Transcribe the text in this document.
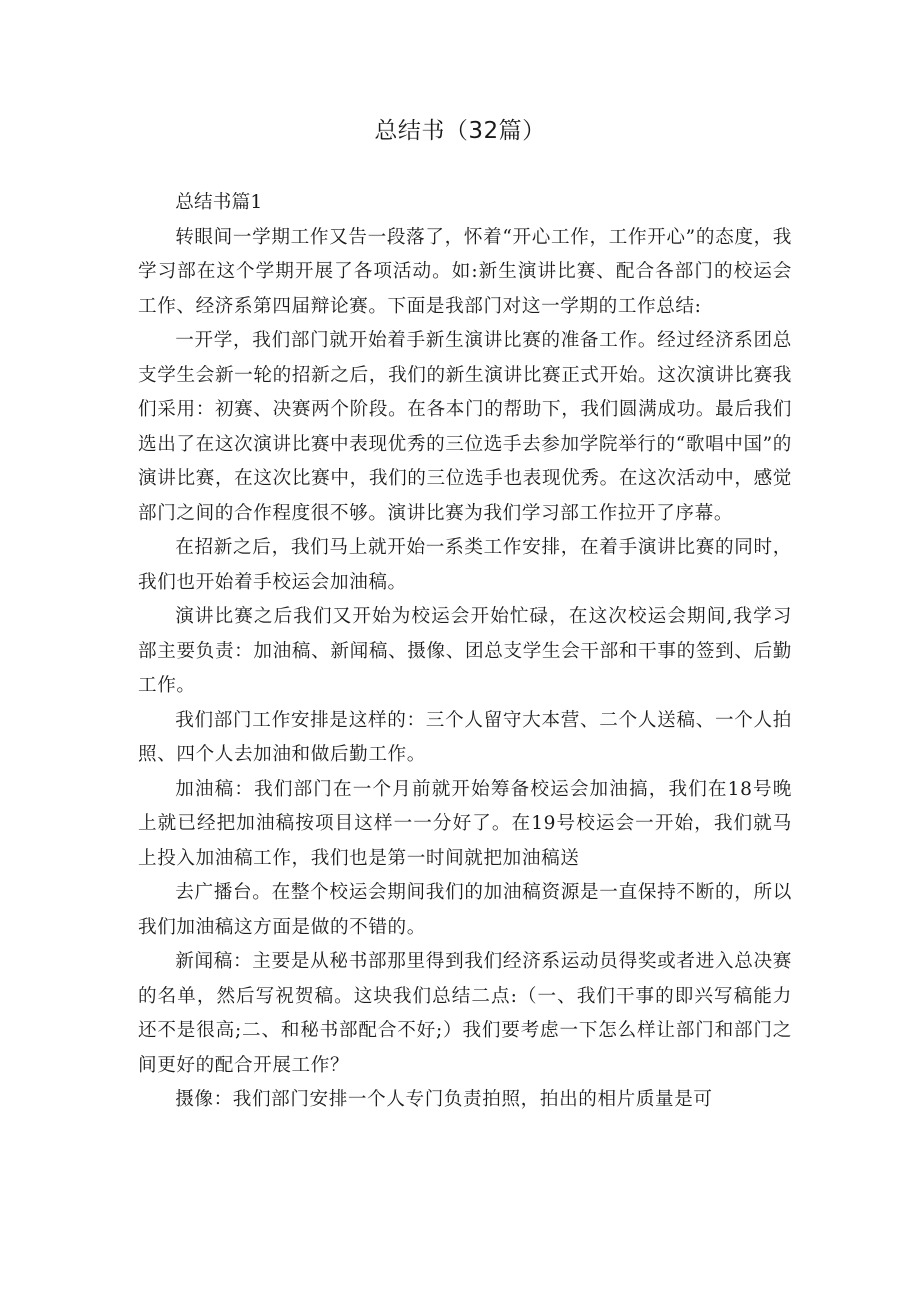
总结书（32篇）

总结书篇1

转眼间一学期工作又告一段落了，怀着“开心工作，工作开心”的态度，我学习部在这个学期开展了各项活动。如:新生演讲比赛、配合各部门的校运会工作、经济系第四届辩论赛。下面是我部门对这一学期的工作总结:

一开学，我们部门就开始着手新生演讲比赛的准备工作。经过经济系团总支学生会新一轮的招新之后，我们的新生演讲比赛正式开始。这次演讲比赛我们采用：初赛、决赛两个阶段。在各本门的帮助下，我们圆满成功。最后我们选出了在这次演讲比赛中表现优秀的三位选手去参加学院举行的“歌唱中国”的演讲比赛，在这次比赛中，我们的三位选手也表现优秀。在这次活动中，感觉部门之间的合作程度很不够。演讲比赛为我们学习部工作拉开了序幕。

在招新之后，我们马上就开始一系类工作安排，在着手演讲比赛的同时，我们也开始着手校运会加油稿。

演讲比赛之后我们又开始为校运会开始忙碌，在这次校运会期间,我学习部主要负责：加油稿、新闻稿、摄像、团总支学生会干部和干事的签到、后勤工作。

我们部门工作安排是这样的：三个人留守大本营、二个人送稿、一个人拍照、四个人去加油和做后勤工作。

加油稿：我们部门在一个月前就开始筹备校运会加油搞，我们在18号晚上就已经把加油稿按项目这样一一分好了。在19号校运会一开始，我们就马上投入加油稿工作，我们也是第一时间就把加油稿送

去广播台。在整个校运会期间我们的加油稿资源是一直保持不断的，所以我们加油稿这方面是做的不错的。

新闻稿：主要是从秘书部那里得到我们经济系运动员得奖或者进入总决赛的名单，然后写祝贺稿。这块我们总结二点:（一、我们干事的即兴写稿能力还不是很高;二、和秘书部配合不好;）我们要考虑一下怎么样让部门和部门之间更好的配合开展工作？

摄像：我们部门安排一个人专门负责拍照，拍出的相片质量是可
